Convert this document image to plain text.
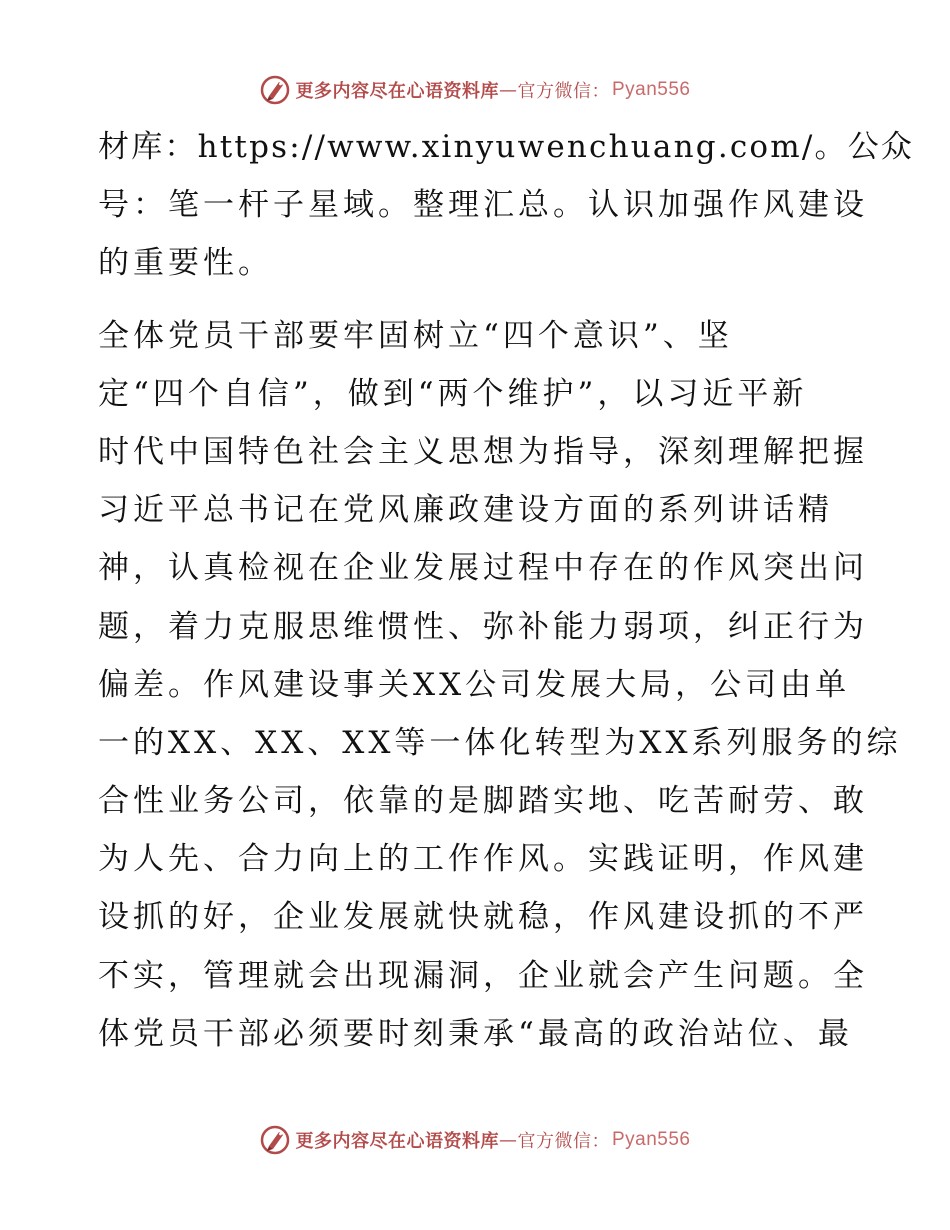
更多内容尽在心语资料库 — 官方微信： Pyan556
材库：https://www.xinyuwenchuang.com/。公众
号：笔一杆子星域。整理汇总。认识加强作风建设
的重要性。
全体党员干部要牢固树立“四个意识”、坚
定“四个自信”，做到“两个维护”，以习近平新
时代中国特色社会主义思想为指导，深刻理解把握
习近平总书记在党风廉政建设方面的系列讲话精
神，认真检视在企业发展过程中存在的作风突出问
题，着力克服思维惯性、弥补能力弱项，纠正行为
偏差。作风建设事关XX公司发展大局，公司由单
一的XX、XX、XX等一体化转型为XX系列服务的综
合性业务公司，依靠的是脚踏实地、吃苦耐劳、敢
为人先、合力向上的工作作风。实践证明，作风建
设抓的好，企业发展就快就稳，作风建设抓的不严
不实，管理就会出现漏洞，企业就会产生问题。全
体党员干部必须要时刻秉承“最高的政治站位、最
更多内容尽在心语资料库 — 官方微信： Pyan556
